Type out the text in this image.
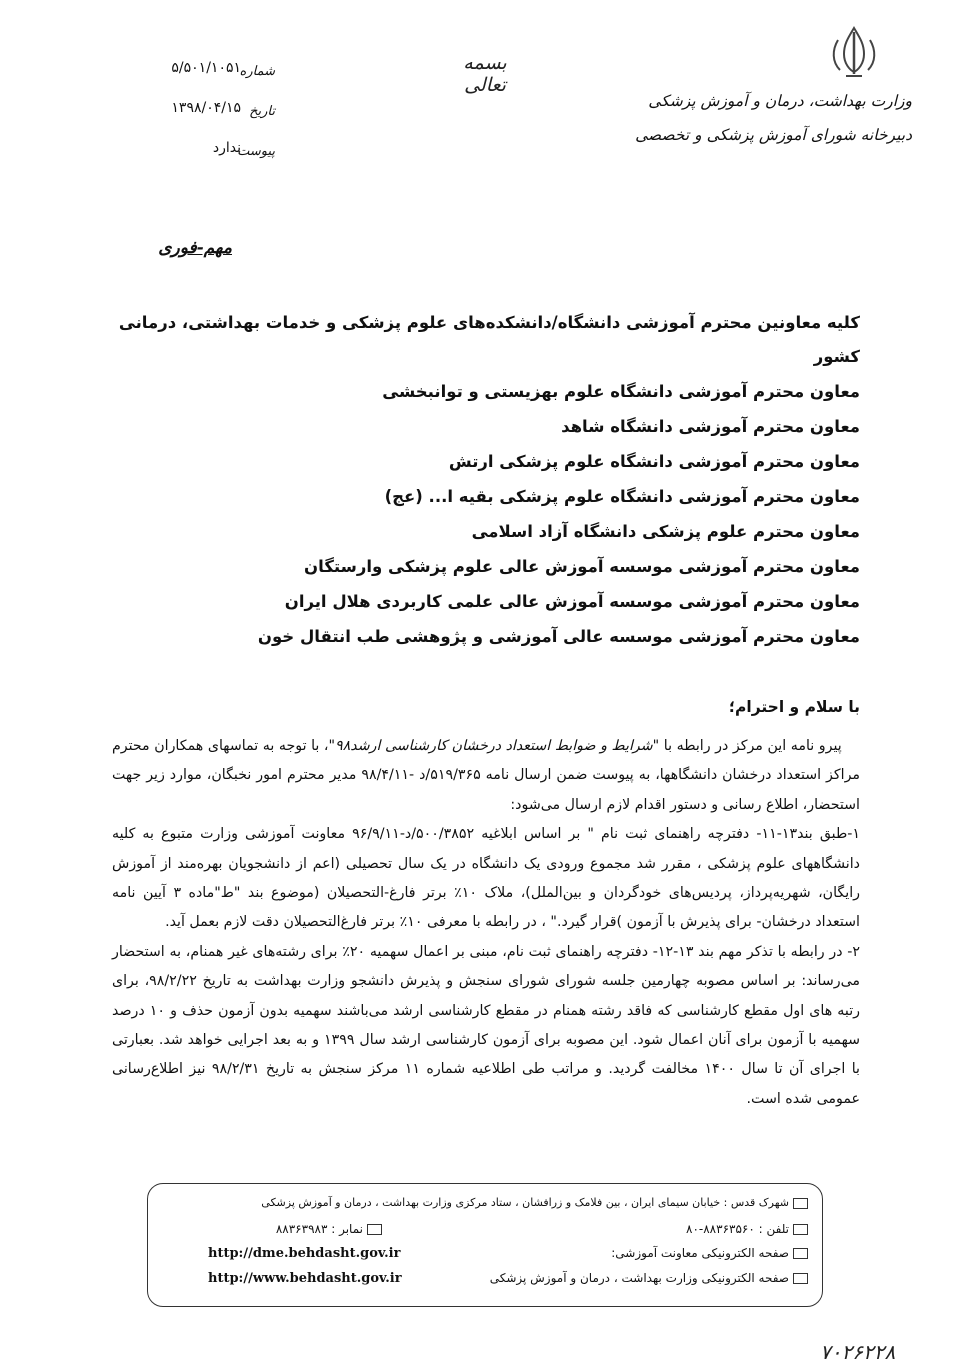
وزارت بهداشت، درمان و آموزش پزشکی
دبیرخانه شورای آموزش پزشکی و تخصصی
بسمه تعالی
شماره
۵/۵۰۱/۱۰۵۱
تاریخ
۱۳۹۸/۰۴/۱۵
پیوست
ندارد
مهم-فوری
کلیه معاونین محترم آموزشی دانشگاه/دانشکده‌های علوم پزشکی و خدمات بهداشتی، درمانی کشور
معاون محترم آموزشی دانشگاه علوم بهزیستی و توانبخشی
معاون محترم آموزشی دانشگاه شاهد
معاون محترم آموزشی دانشگاه علوم پزشکی ارتش
معاون محترم آموزشی دانشگاه علوم پزشکی بقیه ا... (عج)
معاون محترم علوم پزشکی دانشگاه آزاد اسلامی
معاون محترم آموزشی موسسه آموزش عالی علوم پزشکی وارستگان
معاون محترم آموزشی موسسه آموزش عالی علمی کاربردی هلال ایران
معاون محترم آموزشی موسسه عالی آموزشی و پژوهشی طب انتقال خون
با سلام و احترام؛

پیرو نامه این مرکز در رابطه با "شرایط و ضوابط استعداد درخشان کارشناسی ارشد۹۸"، با توجه به تماسهای همکاران محترم مراکز استعداد درخشان دانشگاهها، به پیوست ضمن ارسال نامه ۵۱۹/۳۶۵/د -۹۸/۴/۱۱ مدیر محترم امور نخبگان، موارد زیر جهت استحضار، اطلاع رسانی و دستور اقدام لازم ارسال می‌شود:

۱-طبق بند۱۳-۱۱- دفترچه راهنمای ثبت نام " بر اساس ابلاغیه ۵۰۰/۳۸۵۲/د-۹۶/۹/۱۱ معاونت آموزشی وزارت متبوع به کلیه دانشگاههای علوم پزشکی ، مقرر شد مجموع ورودی یک دانشگاه در یک سال تحصیلی (اعم از دانشجویان بهره‌مند از آموزش رایگان، شهریه‌پرداز، پردیس‌های خودگردان و بین‌الملل)، ملاک ۱۰٪ برتر فارغ-التحصیلان (موضوع بند "ط"ماده ۳ آیین نامه استعداد درخشان- برای پذیرش با آزمون )قرار گیرد." ، در رابطه با معرفی ۱۰٪ برتر فارغ‌التحصیلان دقت لازم بعمل آید.

۲- در رابطه با تذکر مهم بند ۱۳-۱۲- دفترچه راهنمای ثبت نام، مبنی بر اعمال سهمیه ۲۰٪ برای رشته‌های غیر همنام، به استحضار می‌رساند: بر اساس مصوبه چهارمین جلسه شورای شورای سنجش و پذیرش دانشجو وزارت بهداشت به تاریخ ۹۸/۲/۲۲، برای رتبه های اول مقطع کارشناسی که فاقد رشته همنام در مقطع کارشناسی ارشد می‌باشند سهمیه بدون آزمون حذف و ۱۰ درصد سهمیه با آزمون برای آنان اعمال شود. این مصوبه برای آزمون کارشناسی ارشد سال ۱۳۹۹ و به بعد اجرایی خواهد شد. بعبارتی با اجرای آن تا سال ۱۴۰۰ مخالفت گردید. و مراتب طی اطلاعیه شماره ۱۱ مرکز سنجش به تاریخ ۹۸/۲/۳۱ نیز اطلاع‌رسانی عمومی شده است.

شهرک قدس : خیابان سیمای ایران ، بین فلامک و زرافشان ، ستاد مرکزی وزارت بهداشت ، درمان و آموزش پزشکی
تلفن : ۸۸۳۶۳۵۶۰-۸۰
نمابر : ۸۸۳۶۳۹۸۳
صفحه الکترونیکی معاونت آموزشی:
http://dme.behdasht.gov.ir
صفحه الکترونیکی وزارت بهداشت ، درمان و آموزش پزشکی
http://www.behdasht.gov.ir
۷۰۲۶۲۲۸
